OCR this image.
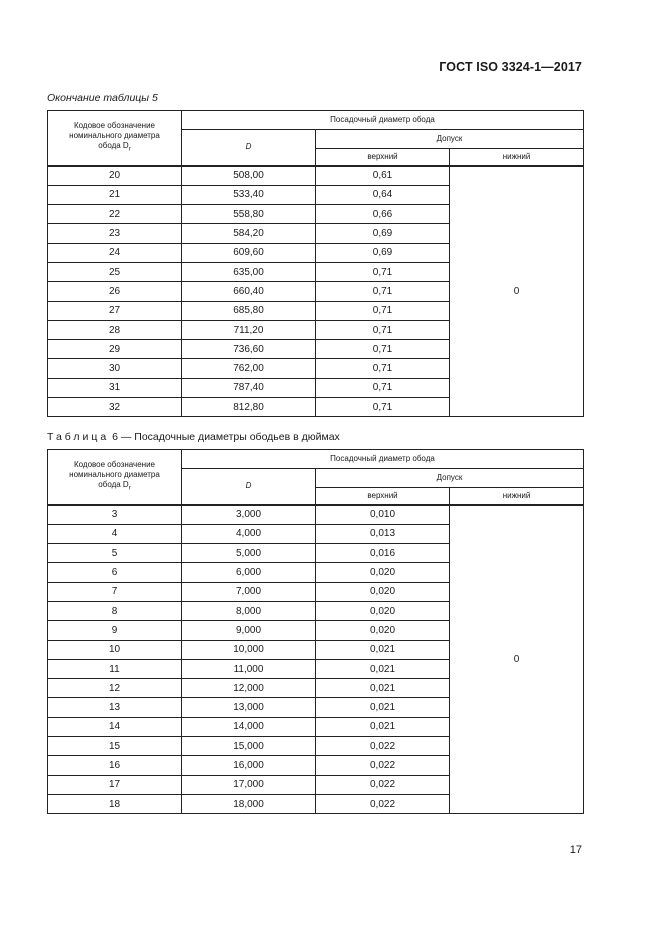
ГОСТ ISO 3324-1—2017
Окончание таблицы 5
Кодовое обозначение
номинального диаметра
обода $D_r$	Посадочный диаметр обода		
	D	Допуск	
		верхний	нижний
20	508,00	0,61	0
21	533,40	0,64	
22	558,80	0,66	
23	584,20	0,69	
24	609,60	0,69	
25	635,00	0,71	
26	660,40	0,71	
27	685,80	0,71	
28	711,20	0,71	
29	736,60	0,71	
30	762,00	0,71	
31	787,40	0,71	
32	812,80	0,71	
Таблица 6 — Посадочные диаметры ободьев в дюймах
Кодовое обозначение
номинального диаметра
обода $D_r$	Посадочный диаметр обода		
	D	Допуск	
		верхний	нижний
3	3,000	0,010	0
4	4,000	0,013	
5	5,000	0,016	
6	6,000	0,020	
7	7,000	0,020	
8	8,000	0,020	
9	9,000	0,020	
10	10,000	0,021	
11	11,000	0,021	
12	12,000	0,021	
13	13,000	0,021	
14	14,000	0,021	
15	15,000	0,022	
16	16,000	0,022	
17	17,000	0,022	
18	18,000	0,022	
17
